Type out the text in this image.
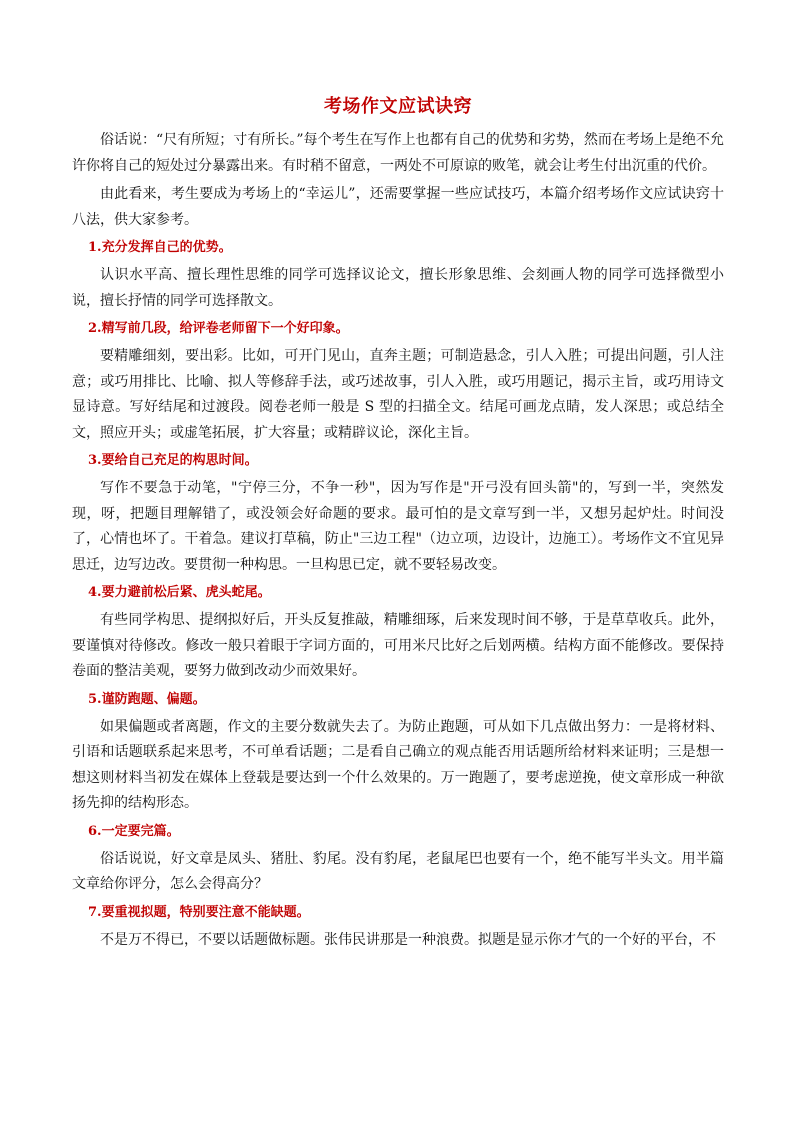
考场作文应试诀窍

俗话说：“尺有所短；寸有所长。”每个考生在写作上也都有自己的优势和劣势，然而在考场上是绝不允许你将自己的短处过分暴露出来。有时稍不留意，一两处不可原谅的败笔，就会让考生付出沉重的代价。

由此看来，考生要成为考场上的“幸运儿”，还需要掌握一些应试技巧，本篇介绍考场作文应试诀窍十八法，供大家参考。

1.充分发挥自己的优势。

认识水平高、擅长理性思维的同学可选择议论文，擅长形象思维、会刻画人物的同学可选择微型小说，擅长抒情的同学可选择散文。

2.精写前几段，给评卷老师留下一个好印象。

要精雕细刻，要出彩。比如，可开门见山，直奔主题；可制造悬念，引人入胜；可提出问题，引人注意；或巧用排比、比喻、拟人等修辞手法，或巧述故事，引人入胜，或巧用题记，揭示主旨，或巧用诗文显诗意。写好结尾和过渡段。阅卷老师一般是 S 型的扫描全文。结尾可画龙点睛，发人深思；或总结全文，照应开头；或虚笔拓展，扩大容量；或精辟议论，深化主旨。

3.要给自己充足的构思时间。

写作不要急于动笔，"宁停三分，不争一秒"，因为写作是"开弓没有回头箭"的，写到一半，突然发现，呀，把题目理解错了，或没领会好命题的要求。最可怕的是文章写到一半，又想另起炉灶。时间没了，心情也坏了。干着急。建议打草稿，防止"三边工程"（边立项，边设计，边施工）。考场作文不宜见异思迁，边写边改。要贯彻一种构思。一旦构思已定，就不要轻易改变。

4.要力避前松后紧、虎头蛇尾。

有些同学构思、提纲拟好后，开头反复推敲，精雕细琢，后来发现时间不够，于是草草收兵。此外，要谨慎对待修改。修改一般只着眼于字词方面的，可用米尺比好之后划两横。结构方面不能修改。要保持卷面的整洁美观，要努力做到改动少而效果好。

5.谨防跑题、偏题。

如果偏题或者离题，作文的主要分数就失去了。为防止跑题，可从如下几点做出努力：一是将材料、引语和话题联系起来思考，不可单看话题；二是看自己确立的观点能否用话题所给材料来证明；三是想一想这则材料当初发在媒体上登载是要达到一个什么效果的。万一跑题了，要考虑逆挽，使文章形成一种欲扬先抑的结构形态。

6.一定要完篇。

俗话说说，好文章是凤头、猪肚、豹尾。没有豹尾，老鼠尾巴也要有一个，绝不能写半头文。用半篇文章给你评分，怎么会得高分？

7.要重视拟题，特别要注意不能缺题。

不是万不得已，不要以话题做标题。张伟民讲那是一种浪费。拟题是显示你才气的一个好的平台，不
